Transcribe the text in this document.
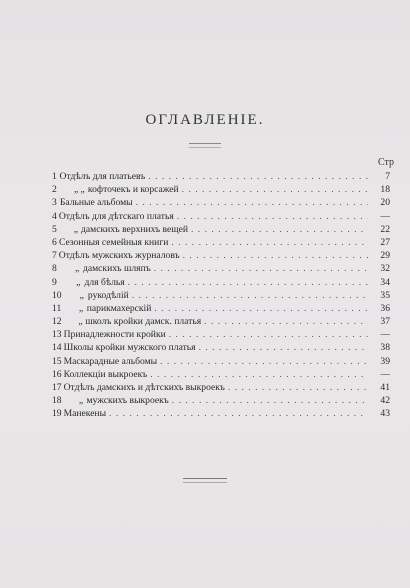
ОГЛАВЛЕНІЕ.
Стр
1 Отдѣлъ для платьевъ . . .	7
2	„ „ кофточекъ и корсажей . . .	18
3 Бальные альбомы . . .	20
4 Отдѣлъ для дѣтскаго платья . . .	—
5	„ дамскихъ верхнихъ вещей . . .	22
6 Сезонныя семейныя книги . . .	27
7 Отдѣлъ мужскихъ журналовъ . . .	29
8	„ дамскихъ шляпъ . . .	32
9	„ для бѣлья . . .	34
10	„ рукодѣлій . . .	35
11	„ парикмахерскій . . .	36
12	„ школъ кройки дамск. платья . . .	37
13 Принадлежности кройки . . .	—
14 Школы кройки мужского платья . . .	38
15 Маскарадные альбомы . . .	39
16 Коллекціи выкроекъ . . .	—
17 Отдѣлъ дамскихъ и дѣтскихъ выкроекъ . . .	41
18	„ мужскихъ выкроекъ . . .	42
19 Манекены . . .	43
